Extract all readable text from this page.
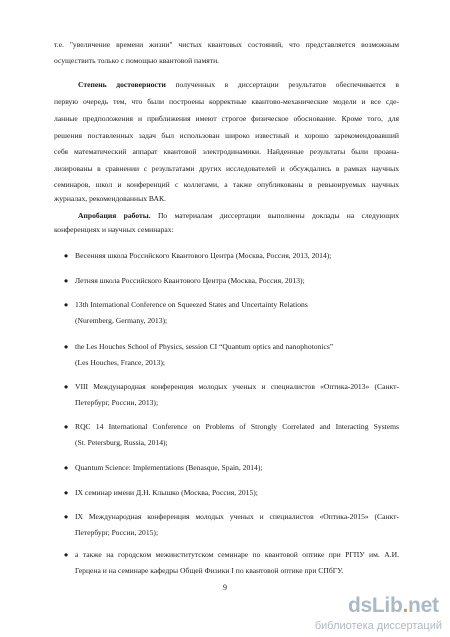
т.е. "увеличение времени жизни" чистых квантовых состояний, что представляется возможным
осуществить только с помощью квантовой памяти.
Степень достоверности полученных в диссертации результатов обеспечивается в
первую очередь тем, что были построены корректные квантово-механические модели и все сде-
ланные предположения и приближения имеют строгое физическое обоснование. Кроме того, для
решения поставленных задач был использован широко известный и хорошо зарекомендовавший
себя математический аппарат квантовой электродинамики. Найденные результаты были проана-
лизированы в сравнении с результатами других исследователей и обсуждались в рамках научных
семинаров, школ и конференций с коллегами, а также опубликованы в ревьюируемых научных
журналах, рекомендованных ВАК.
Апробация работы. По материалам диссертации выполнены доклады на следующих
конференциях и научных семинарах:
● Весенняя школа Российского Квантового Центра (Москва, Россия, 2013, 2014);
● Летняя школа Российского Квантового Центра (Москва, Россия, 2013);
● 13th International Conference on Squeezed States and Uncertainty Relations
(Nuremberg, Germany, 2013);
● the Les Houches School of Physics, session CI “Quantum optics and nanophotonics”
(Les Houches, France, 2013);
● VIII Международная конференция молодых ученых и специалистов «Оптика-2013» (Санкт-
Петербург, России, 2013);
● RQC 14 International Conference on Problems of Strongly Correlated and Interacting Systems
(St. Petersburg, Russia, 2014);
● Quantum Science: Implementations (Benasque, Spain, 2014);
● IX семинар имени Д.Н. Клышко (Москва, Россия, 2015);
● IX Международная конференция молодых ученых и специалистов «Оптика-2015» (Санкт-
Петербург, России, 2015);
● а также на городском межинститутском семинаре по квантовой оптике при РГПУ им. А.И.
Герцена и на семинаре кафедры Общей Физики I по квантовой оптике при СПбГУ.
9
dsLib.net
библиотека диссертаций
